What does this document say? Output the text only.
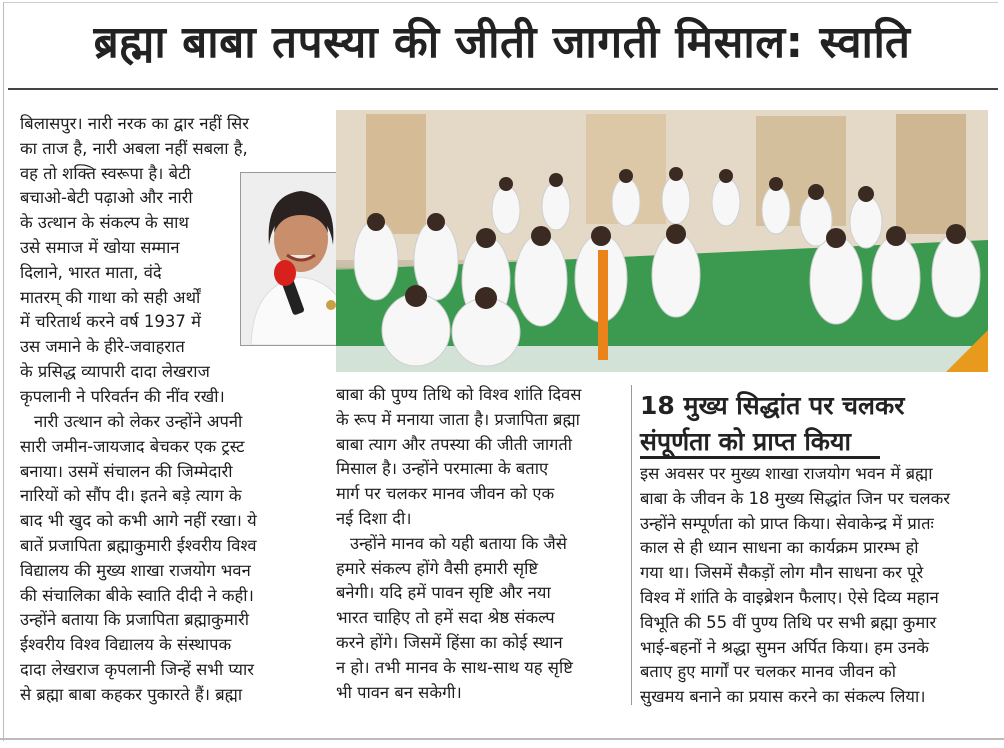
ब्रह्मा बाबा तपस्या की जीती जागती मिसाल: स्वाति

बिलासपुर। नारी नरक का द्वार नहीं सिर

का ताज है, नारी अबला नहीं सबला है,

वह तो शक्ति स्वरूपा है। बेटी

बचाओ-बेटी पढ़ाओ और नारी

के उत्थान के संकल्प के साथ

उसे समाज में खोया सम्मान

दिलाने, भारत माता, वंदे

मातरम् की गाथा को सही अर्थों

में चरितार्थ करने वर्ष 1937 में

उस जमाने के हीरे-जवाहरात

के प्रसिद्ध व्यापारी दादा लेखराज

कृपलानी ने परिवर्तन की नींव रखी।

नारी उत्थान को लेकर उन्होंने अपनी

सारी जमीन-जायजाद बेचकर एक ट्रस्ट

बनाया। उसमें संचालन की जिम्मेदारी

नारियों को सौंप दी। इतने बड़े त्याग के

बाद भी खुद को कभी आगे नहीं रखा। ये

बातें प्रजापिता ब्रह्माकुमारी ईश्वरीय विश्व

विद्यालय की मुख्य शाखा राजयोग भवन

की संचालिका बीके स्वाति दीदी ने कही।

उन्होंने बताया कि प्रजापिता ब्रह्माकुमारी

ईश्वरीय विश्व विद्यालय के संस्थापक

दादा लेखराज कृपलानी जिन्हें सभी प्यार

से ब्रह्मा बाबा कहकर पुकारते हैं। ब्रह्मा

बाबा की पुण्य तिथि को विश्व शांति दिवस

के रूप में मनाया जाता है। प्रजापिता ब्रह्मा

बाबा त्याग और तपस्या की जीती जागती

मिसाल है। उन्होंने परमात्मा के बताए

मार्ग पर चलकर मानव जीवन को एक

नई दिशा दी।

उन्होंने मानव को यही बताया कि जैसे

हमारे संकल्प होंगे वैसी हमारी सृष्टि

बनेगी। यदि हमें पावन सृष्टि और नया

भारत चाहिए तो हमें सदा श्रेष्ठ संकल्प

करने होंगे। जिसमें हिंसा का कोई स्थान

न हो। तभी मानव के साथ-साथ यह सृष्टि

भी पावन बन सकेगी।

18 मुख्य सिद्धांत पर चलकर
संपूर्णता को प्राप्त किया

इस अवसर पर मुख्य शाखा राजयोग भवन में ब्रह्मा

बाबा के जीवन के 18 मुख्य सिद्धांत जिन पर चलकर

उन्होंने सम्पूर्णता को प्राप्त किया। सेवाकेन्द्र में प्रातः

काल से ही ध्यान साधना का कार्यक्रम प्रारम्भ हो

गया था। जिसमें सैकड़ों लोग मौन साधना कर पूरे

विश्व में शांति के वाइब्रेशन फैलाए। ऐसे दिव्य महान

विभूति की 55 वीं पुण्य तिथि पर सभी ब्रह्मा कुमार

भाई-बहनों ने श्रद्धा सुमन अर्पित किया। हम उनके

बताए हुए मार्गों पर चलकर मानव जीवन को

सुखमय बनाने का प्रयास करने का संकल्प लिया।
